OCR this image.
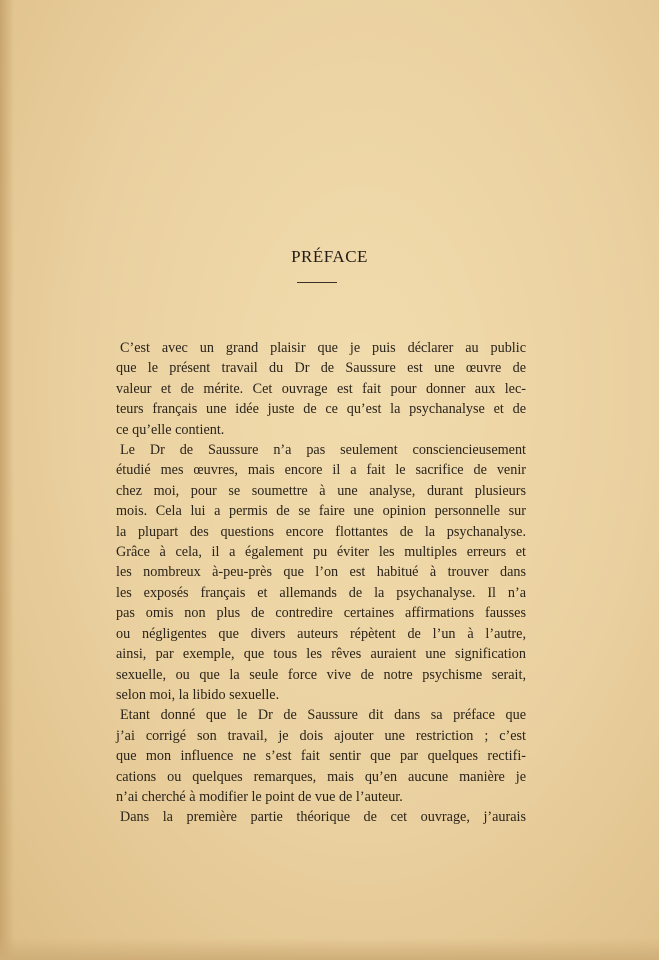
PRÉFACE
C’est avec un grand plaisir que je puis déclarer au public
que le présent travail du Dr de Saussure est une œuvre de
valeur et de mérite. Cet ouvrage est fait pour donner aux lec-
teurs français une idée juste de ce qu’est la psychanalyse et de
ce qu’elle contient.
Le Dr de Saussure n’a pas seulement consciencieusement
étudié mes œuvres, mais encore il a fait le sacrifice de venir
chez moi, pour se soumettre à une analyse, durant plusieurs
mois. Cela lui a permis de se faire une opinion personnelle sur
la plupart des questions encore flottantes de la psychanalyse.
Grâce à cela, il a également pu éviter les multiples erreurs et
les nombreux à-peu-près que l’on est habitué à trouver dans
les exposés français et allemands de la psychanalyse. Il n’a
pas omis non plus de contredire certaines affirmations fausses
ou négligentes que divers auteurs répètent de l’un à l’autre,
ainsi, par exemple, que tous les rêves auraient une signification
sexuelle, ou que la seule force vive de notre psychisme serait,
selon moi, la libido sexuelle.
Etant donné que le Dr de Saussure dit dans sa préface que
j’ai corrigé son travail, je dois ajouter une restriction ; c’est
que mon influence ne s’est fait sentir que par quelques rectifi-
cations ou quelques remarques, mais qu’en aucune manière je
n’ai cherché à modifier le point de vue de l’auteur.
Dans la première partie théorique de cet ouvrage, j’aurais
